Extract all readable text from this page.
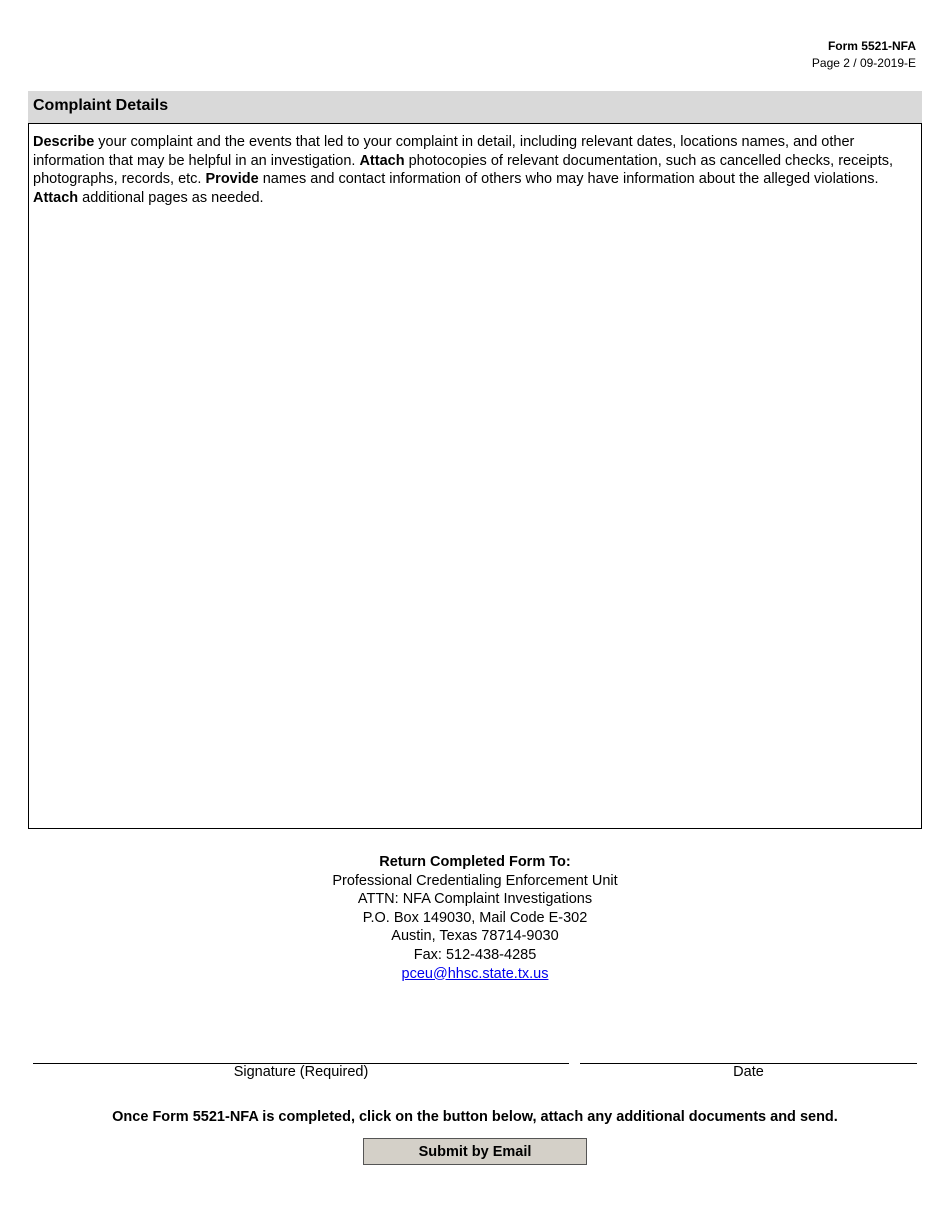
Form 5521-NFA
Page 2 / 09-2019-E
Complaint Details

Describe your complaint and the events that led to your complaint in detail, including relevant dates, locations names, and other information that may be helpful in an investigation. Attach photocopies of relevant documentation, such as cancelled checks, receipts, photographs, records, etc. Provide names and contact information of others who may have information about the alleged violations. Attach additional pages as needed.

Return Completed Form To:
Professional Credentialing Enforcement Unit
ATTN: NFA Complaint Investigations
P.O. Box 149030, Mail Code E-302
Austin, Texas 78714-9030
Fax: 512-438-4285
pceu@hhsc.state.tx.us
Signature (Required)	Date
Once Form 5521-NFA is completed, click on the button below, attach any additional documents and send.
Submit by Email
